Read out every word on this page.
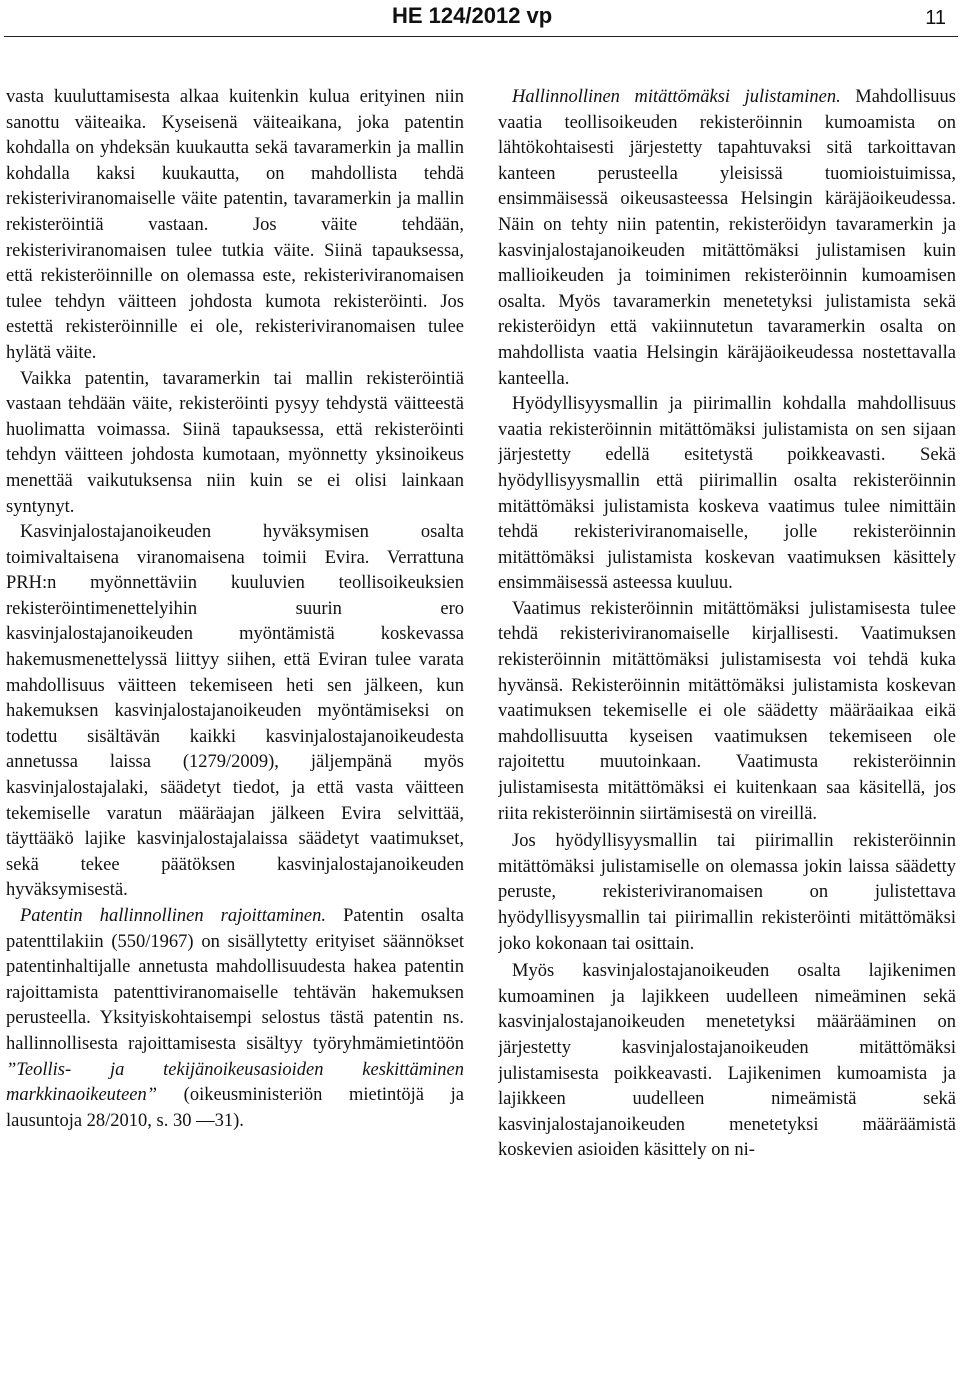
HE 124/2012 vp	11

vasta kuuluttamisesta alkaa kuitenkin kulua erityinen niin sanottu väiteaika. Kyseisenä väiteaikana, joka patentin kohdalla on yhdeksän kuukautta sekä tavaramerkin ja mallin kohdalla kaksi kuukautta, on mahdollista tehdä rekisteriviranomaiselle väite patentin, tavaramerkin ja mallin rekisteröintiä vastaan. Jos väite tehdään, rekisteriviranomaisen tulee tutkia väite. Siinä tapauksessa, että rekisteröinnille on olemassa este, rekisteriviranomaisen tulee tehdyn väitteen johdosta kumota rekisteröinti. Jos estettä rekisteröinnille ei ole, rekisteriviranomaisen tulee hylätä väite.

Vaikka patentin, tavaramerkin tai mallin rekisteröintiä vastaan tehdään väite, rekisteröinti pysyy tehdystä väitteestä huolimatta voimassa. Siinä tapauksessa, että rekisteröinti tehdyn väitteen johdosta kumotaan, myönnetty yksinoikeus menettää vaikutuksensa niin kuin se ei olisi lainkaan syntynyt.

Kasvinjalostajanoikeuden hyväksymisen osalta toimivaltaisena viranomaisena toimii Evira. Verrattuna PRH:n myönnettäviin kuuluvien teollisoikeuksien rekisteröintimenettelyihin suurin ero kasvinjalostajanoikeuden myöntämistä koskevassa hakemusmenettelyssä liittyy siihen, että Eviran tulee varata mahdollisuus väitteen tekemiseen heti sen jälkeen, kun hakemuksen kasvinjalostajanoikeuden myöntämiseksi on todettu sisältävän kaikki kasvinjalostajanoikeudesta annetussa laissa (1279/2009), jäljempänä myös kasvinjalostajalaki, säädetyt tiedot, ja että vasta väitteen tekemiselle varatun määräajan jälkeen Evira selvittää, täyttääkö lajike kasvinjalostajalaissa säädetyt vaatimukset, sekä tekee päätöksen kasvinjalostajanoikeuden hyväksymisestä.

Patentin hallinnollinen rajoittaminen. Patentin osalta patenttilakiin (550/1967) on sisällytetty erityiset säännökset patentinhaltijalle annetusta mahdollisuudesta hakea patentin rajoittamista patenttiviranomaiselle tehtävän hakemuksen perusteella. Yksityiskohtaisempi selostus tästä patentin ns. hallinnollisesta rajoittamisesta sisältyy työryhmämietintöön ”Teollis- ja tekijänoikeusasioiden keskittäminen markkinaoikeuteen” (oikeusministeriön mietintöjä ja lausuntoja 28/2010, s. 30 —31).

Hallinnollinen mitättömäksi julistaminen. Mahdollisuus vaatia teollisoikeuden rekisteröinnin kumoamista on lähtökohtaisesti järjestetty tapahtuvaksi sitä tarkoittavan kanteen perusteella yleisissä tuomioistuimissa, ensimmäisessä oikeusasteessa Helsingin käräjäoikeudessa. Näin on tehty niin patentin, rekisteröidyn tavaramerkin ja kasvinjalostajanoikeuden mitättömäksi julistamisen kuin mallioikeuden ja toiminimen rekisteröinnin kumoamisen osalta. Myös tavaramerkin menetetyksi julistamista sekä rekisteröidyn että vakiinnutetun tavaramerkin osalta on mahdollista vaatia Helsingin käräjäoikeudessa nostettavalla kanteella.

Hyödyllisyysmallin ja piirimallin kohdalla mahdollisuus vaatia rekisteröinnin mitättömäksi julistamista on sen sijaan järjestetty edellä esitetystä poikkeavasti. Sekä hyödyllisyysmallin että piirimallin osalta rekisteröinnin mitättömäksi julistamista koskeva vaatimus tulee nimittäin tehdä rekisteriviranomaiselle, jolle rekisteröinnin mitättömäksi julistamista koskevan vaatimuksen käsittely ensimmäisessä asteessa kuuluu.

Vaatimus rekisteröinnin mitättömäksi julistamisesta tulee tehdä rekisteriviranomaiselle kirjallisesti. Vaatimuksen rekisteröinnin mitättömäksi julistamisesta voi tehdä kuka hyvänsä. Rekisteröinnin mitättömäksi julistamista koskevan vaatimuksen tekemiselle ei ole säädetty määräaikaa eikä mahdollisuutta kyseisen vaatimuksen tekemiseen ole rajoitettu muutoinkaan. Vaatimusta rekisteröinnin julistamisesta mitättömäksi ei kuitenkaan saa käsitellä, jos riita rekisteröinnin siirtämisestä on vireillä.

Jos hyödyllisyysmallin tai piirimallin rekisteröinnin mitättömäksi julistamiselle on olemassa jokin laissa säädetty peruste, rekisteriviranomaisen on julistettava hyödyllisyysmallin tai piirimallin rekisteröinti mitättömäksi joko kokonaan tai osittain.

Myös kasvinjalostajanoikeuden osalta lajikenimen kumoaminen ja lajikkeen uudelleen nimeäminen sekä kasvinjalostajanoikeuden menetetyksi määrääminen on järjestetty kasvinjalostajanoikeuden mitättömäksi julistamisesta poikkeavasti. Lajikenimen kumoamista ja lajikkeen uudelleen nimeämistä sekä kasvinjalostajanoikeuden menetetyksi määräämistä koskevien asioiden käsittely on ni-
